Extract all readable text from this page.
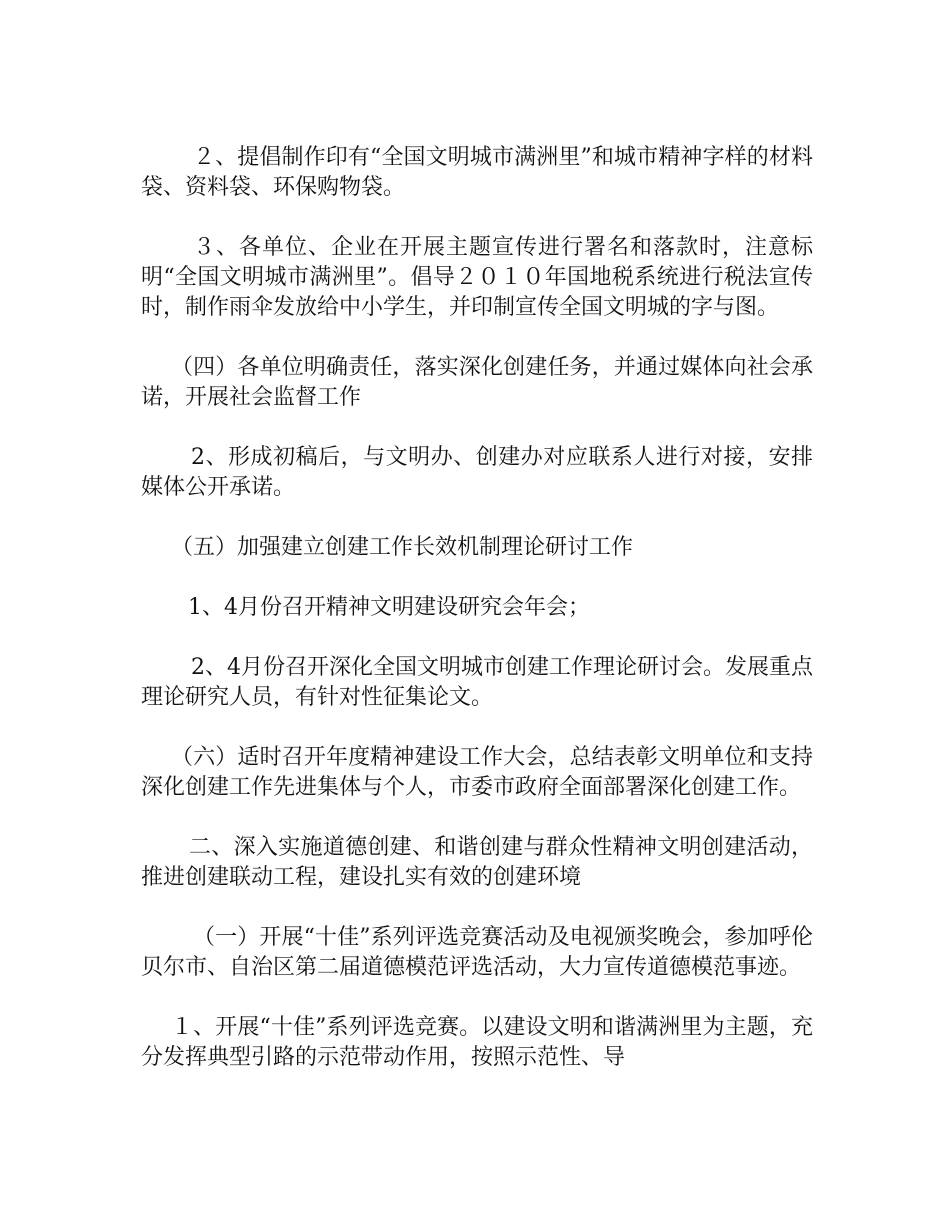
２、提倡制作印有“全国文明城市满洲里”和城市精神字样的材料袋、资料袋、环保购物袋。

３、各单位、企业在开展主题宣传进行署名和落款时，注意标明“全国文明城市满洲里”。倡导２０１０年国地税系统进行税法宣传时，制作雨伞发放给中小学生，并印制宣传全国文明城的字与图。

（四）各单位明确责任，落实深化创建任务，并通过媒体向社会承诺，开展社会监督工作

2、形成初稿后，与文明办、创建办对应联系人进行对接，安排媒体公开承诺。

（五）加强建立创建工作长效机制理论研讨工作

1、4月份召开精神文明建设研究会年会；

2、4月份召开深化全国文明城市创建工作理论研讨会。发展重点理论研究人员，有针对性征集论文。

（六）适时召开年度精神建设工作大会，总结表彰文明单位和支持深化创建工作先进集体与个人，市委市政府全面部署深化创建工作。

二、深入实施道德创建、和谐创建与群众性精神文明创建活动，推进创建联动工程，建设扎实有效的创建环境

（一）开展“十佳”系列评选竞赛活动及电视颁奖晚会，参加呼伦贝尔市、自治区第二届道德模范评选活动，大力宣传道德模范事迹。

１、开展“十佳”系列评选竞赛。以建设文明和谐满洲里为主题，充分发挥典型引路的示范带动作用，按照示范性、导
